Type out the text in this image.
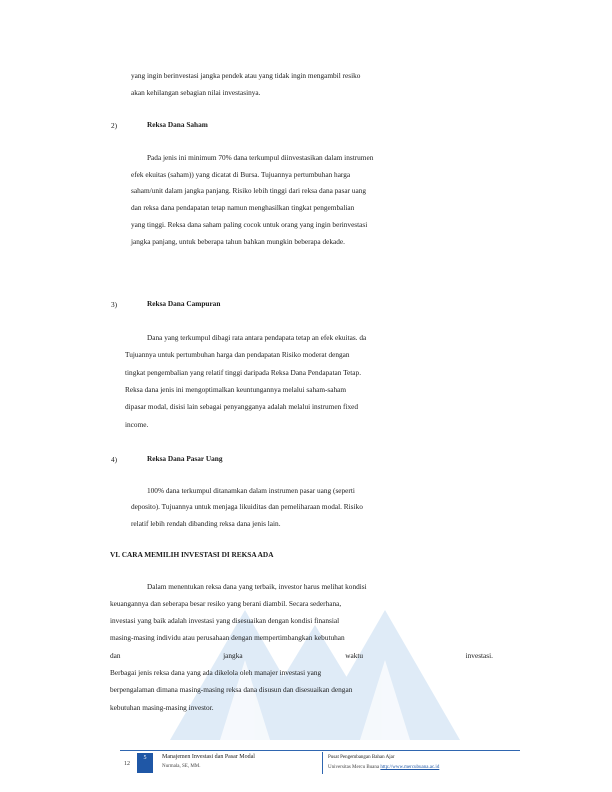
yang ingin berinvestasi jangka pendek atau yang tidak ingin mengambil resiko
akan kehilangan sebagian nilai investasinya.
2)	Reksa Dana Saham
Pada jenis ini minimum 70% dana terkumpul diinvestasikan dalam instrumen
efek ekuitas (saham)) yang dicatat di Bursa. Tujuannya pertumbuhan harga
saham/unit dalam jangka panjang. Risiko lebih tinggi dari reksa dana pasar uang
dan reksa dana pendapatan tetap namun menghasilkan tingkat pengembalian
yang tinggi. Reksa dana saham paling cocok untuk orang yang ingin berinvestasi
jangka panjang, untuk beberapa tahun bahkan mungkin beberapa dekade.
3)	Reksa Dana Campuran
Dana yang terkumpul dibagi rata antara pendapata tetap an efek ekuitas. da
Tujuannya untuk pertumbuhan harga dan pendapatan Risiko moderat dengan
tingkat pengembalian yang relatif tinggi daripada Reksa Dana Pendapatan Tetap.
Reksa dana jenis ini mengoptimalkan keuntungannya melalui saham-saham
dipasar modal, disisi lain sebagai penyangganya adalah melalui instrumen fixed
income.
4)	Reksa Dana Pasar Uang
100% dana terkumpul ditanamkan dalam instrumen pasar uang (seperti
deposito). Tujuannya untuk menjaga likuiditas dan pemeliharaan modal. Risiko
relatif lebih rendah dibanding reksa dana jenis lain.
VI. CARA MEMILIH INVESTASI DI REKSA ADA
Dalam menentukan reksa dana yang terbaik, investor harus melihat kondisi
keuangannya dan seberapa besar resiko yang berani diambil. Secara sederhana,
investasi yang baik adalah investasi yang disesuaikan dengan kondisi finansial
masing-masing individu atau perusahaan dengan mempertimbangkan kebutuhan
dan	jangka	waktu	investasi.
Berbagai jenis reksa dana yang ada dikelola oleh manajer investasi yang
berpengalaman dimana masing-masing reksa dana disusun dan disesuaikan dengan
kebutuhan masing-masing investor.
12
5	Manajemen Investasi dan Pasar Modal
Nurmala, SE, MM.
Pusat Pengembangan Bahan Ajar
Universitas Mercu Buana http://www.mercubuana.ac.id
